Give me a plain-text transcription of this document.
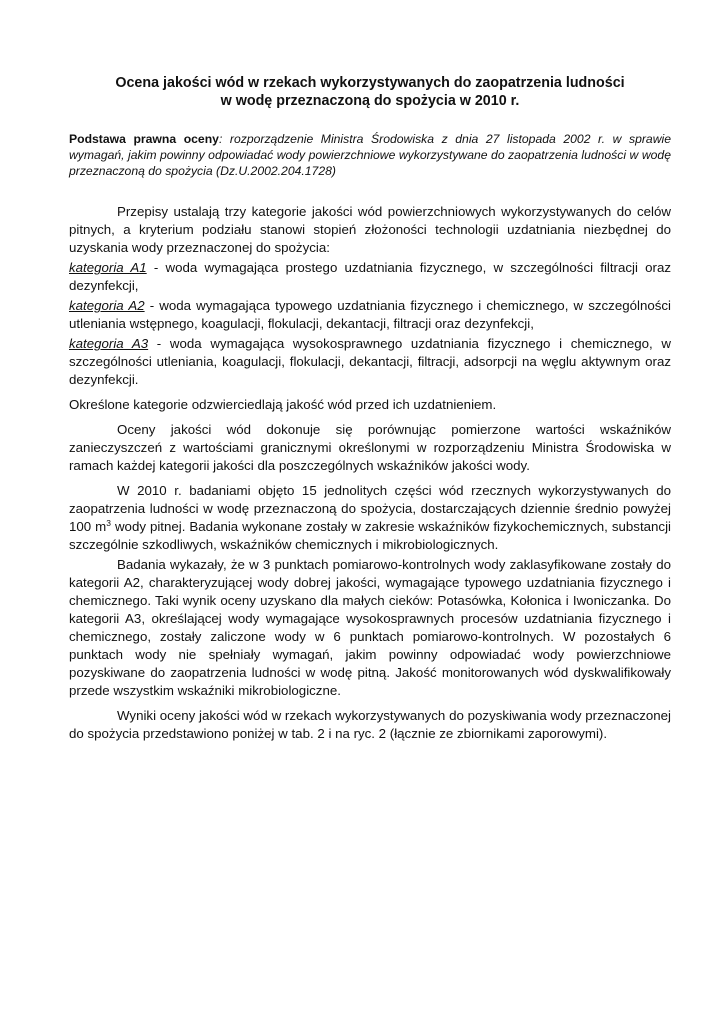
Ocena jakości wód w rzekach wykorzystywanych do zaopatrzenia ludności
w wodę przeznaczoną do spożycia w 2010 r.

Podstawa prawna oceny: rozporządzenie Ministra Środowiska z dnia 27 listopada 2002 r. w sprawie wymagań, jakim powinny odpowiadać wody powierzchniowe wykorzystywane do zaopatrzenia ludności w wodę przeznaczoną do spożycia (Dz.U.2002.204.1728)

Przepisy ustalają trzy kategorie jakości wód powierzchniowych wykorzystywanych do celów pitnych, a kryterium podziału stanowi stopień złożoności technologii uzdatniania niezbędnej do uzyskania wody przeznaczonej do spożycia:

kategoria A1 - woda wymagająca prostego uzdatniania fizycznego, w szczególności filtracji oraz dezynfekcji,

kategoria A2 - woda wymagająca typowego uzdatniania fizycznego i chemicznego, w szczególności utleniania wstępnego, koagulacji, flokulacji, dekantacji, filtracji oraz dezynfekcji,

kategoria A3 - woda wymagająca wysokosprawnego uzdatniania fizycznego i chemicznego, w szczególności utleniania, koagulacji, flokulacji, dekantacji, filtracji, adsorpcji na węglu aktywnym oraz dezynfekcji.

Określone kategorie odzwierciedlają jakość wód przed ich uzdatnieniem.

Oceny jakości wód dokonuje się porównując pomierzone wartości wskaźników zanieczyszczeń z wartościami granicznymi określonymi w rozporządzeniu Ministra Środowiska w ramach każdej kategorii jakości dla poszczególnych wskaźników jakości wody.

W 2010 r. badaniami objęto 15 jednolitych części wód rzecznych wykorzystywanych do zaopatrzenia ludności w wodę przeznaczoną do spożycia, dostarczających dziennie średnio powyżej 100 $m^3$ wody pitnej. Badania wykonane zostały w zakresie wskaźników fizykochemicznych, substancji szczególnie szkodliwych, wskaźników chemicznych i mikrobiologicznych.

Badania wykazały, że w 3 punktach pomiarowo-kontrolnych wody zaklasyfikowane zostały do kategorii A2, charakteryzującej wody dobrej jakości, wymagające typowego uzdatniania fizycznego i chemicznego. Taki wynik oceny uzyskano dla małych cieków: Potasówka, Kołonica i Iwoniczanka. Do kategorii A3, określającej wody wymagające wysokosprawnych procesów uzdatniania fizycznego i chemicznego, zostały zaliczone wody w 6 punktach pomiarowo-kontrolnych. W pozostałych 6 punktach wody nie spełniały wymagań, jakim powinny odpowiadać wody powierzchniowe pozyskiwane do zaopatrzenia ludności w wodę pitną. Jakość monitorowanych wód dyskwalifikowały przede wszystkim wskaźniki mikrobiologiczne.

Wyniki oceny jakości wód w rzekach wykorzystywanych do pozyskiwania wody przeznaczonej do spożycia przedstawiono poniżej w tab. 2 i na ryc. 2 (łącznie ze zbiornikami zaporowymi).
